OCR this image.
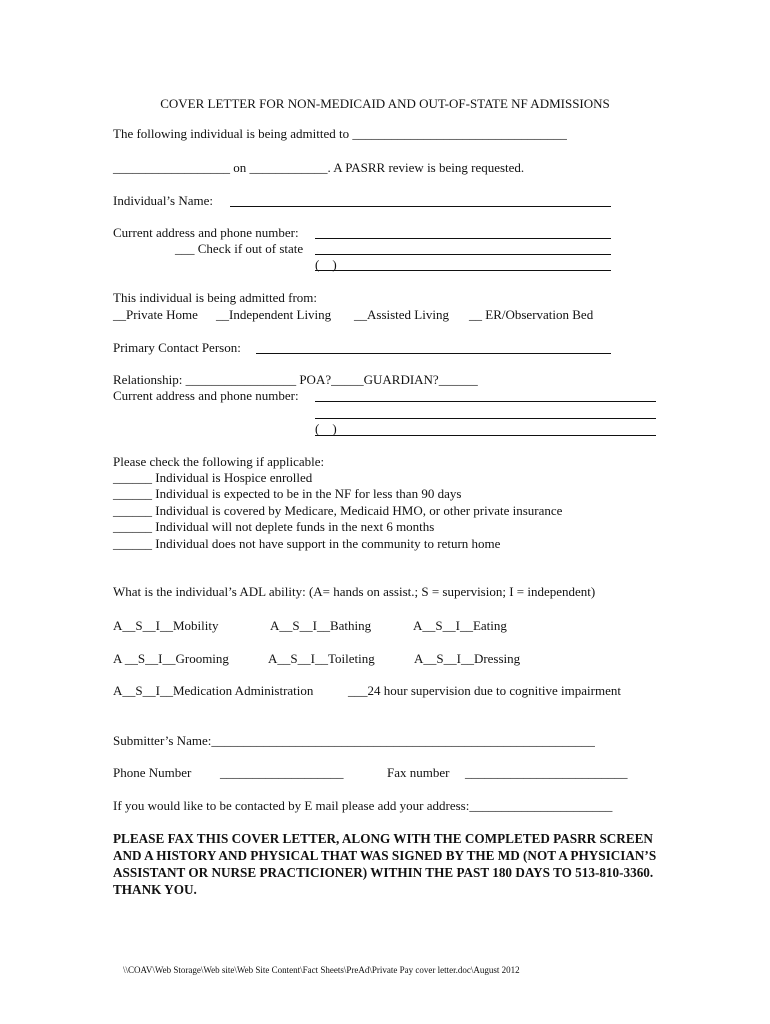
COVER LETTER FOR NON-MEDICAID AND OUT-OF-STATE NF ADMISSIONS
The following individual is being admitted to _________________________________
__________________ on ____________. A PASRR review is being requested.
Individual’s Name:
Current address and phone number:
___ Check if out of state
(    )
This individual is being admitted from:
__Private Home __Independent Living __Assisted Living __ ER/Observation Bed
Primary Contact Person:
Relationship: _________________ POA?_____GUARDIAN?______
Current address and phone number:
(    )
Please check the following if applicable:
______ Individual is Hospice enrolled
______ Individual is expected to be in the NF for less than 90 days
______ Individual is covered by Medicare, Medicaid HMO, or other private insurance
______ Individual will not deplete funds in the next 6 months
______ Individual does not have support in the community to return home
What is the individual’s ADL ability: (A= hands on assist.; S = supervision; I = independent)
A__S__I__Mobility	A__S__I__Bathing	A__S__I__Eating
A __S__I__Grooming	A__S__I__Toileting	A__S__I__Dressing
A__S__I__Medication Administration	___24 hour supervision due to cognitive impairment
Submitter’s Name:___________________________________________________________
Phone Number ___________________	Fax number _________________________
If you would like to be contacted by E mail please add your address:______________________
PLEASE FAX THIS COVER LETTER, ALONG WITH THE COMPLETED PASRR SCREEN AND A HISTORY AND PHYSICAL THAT WAS SIGNED BY THE MD (NOT A PHYSICIAN’S ASSISTANT OR NURSE PRACTICIONER) WITHIN THE PAST 180 DAYS TO 513-810-3360. THANK YOU.
\\COAV\Web Storage\Web site\Web Site Content\Fact Sheets\PreAd\Private Pay cover letter.doc\August 2012
